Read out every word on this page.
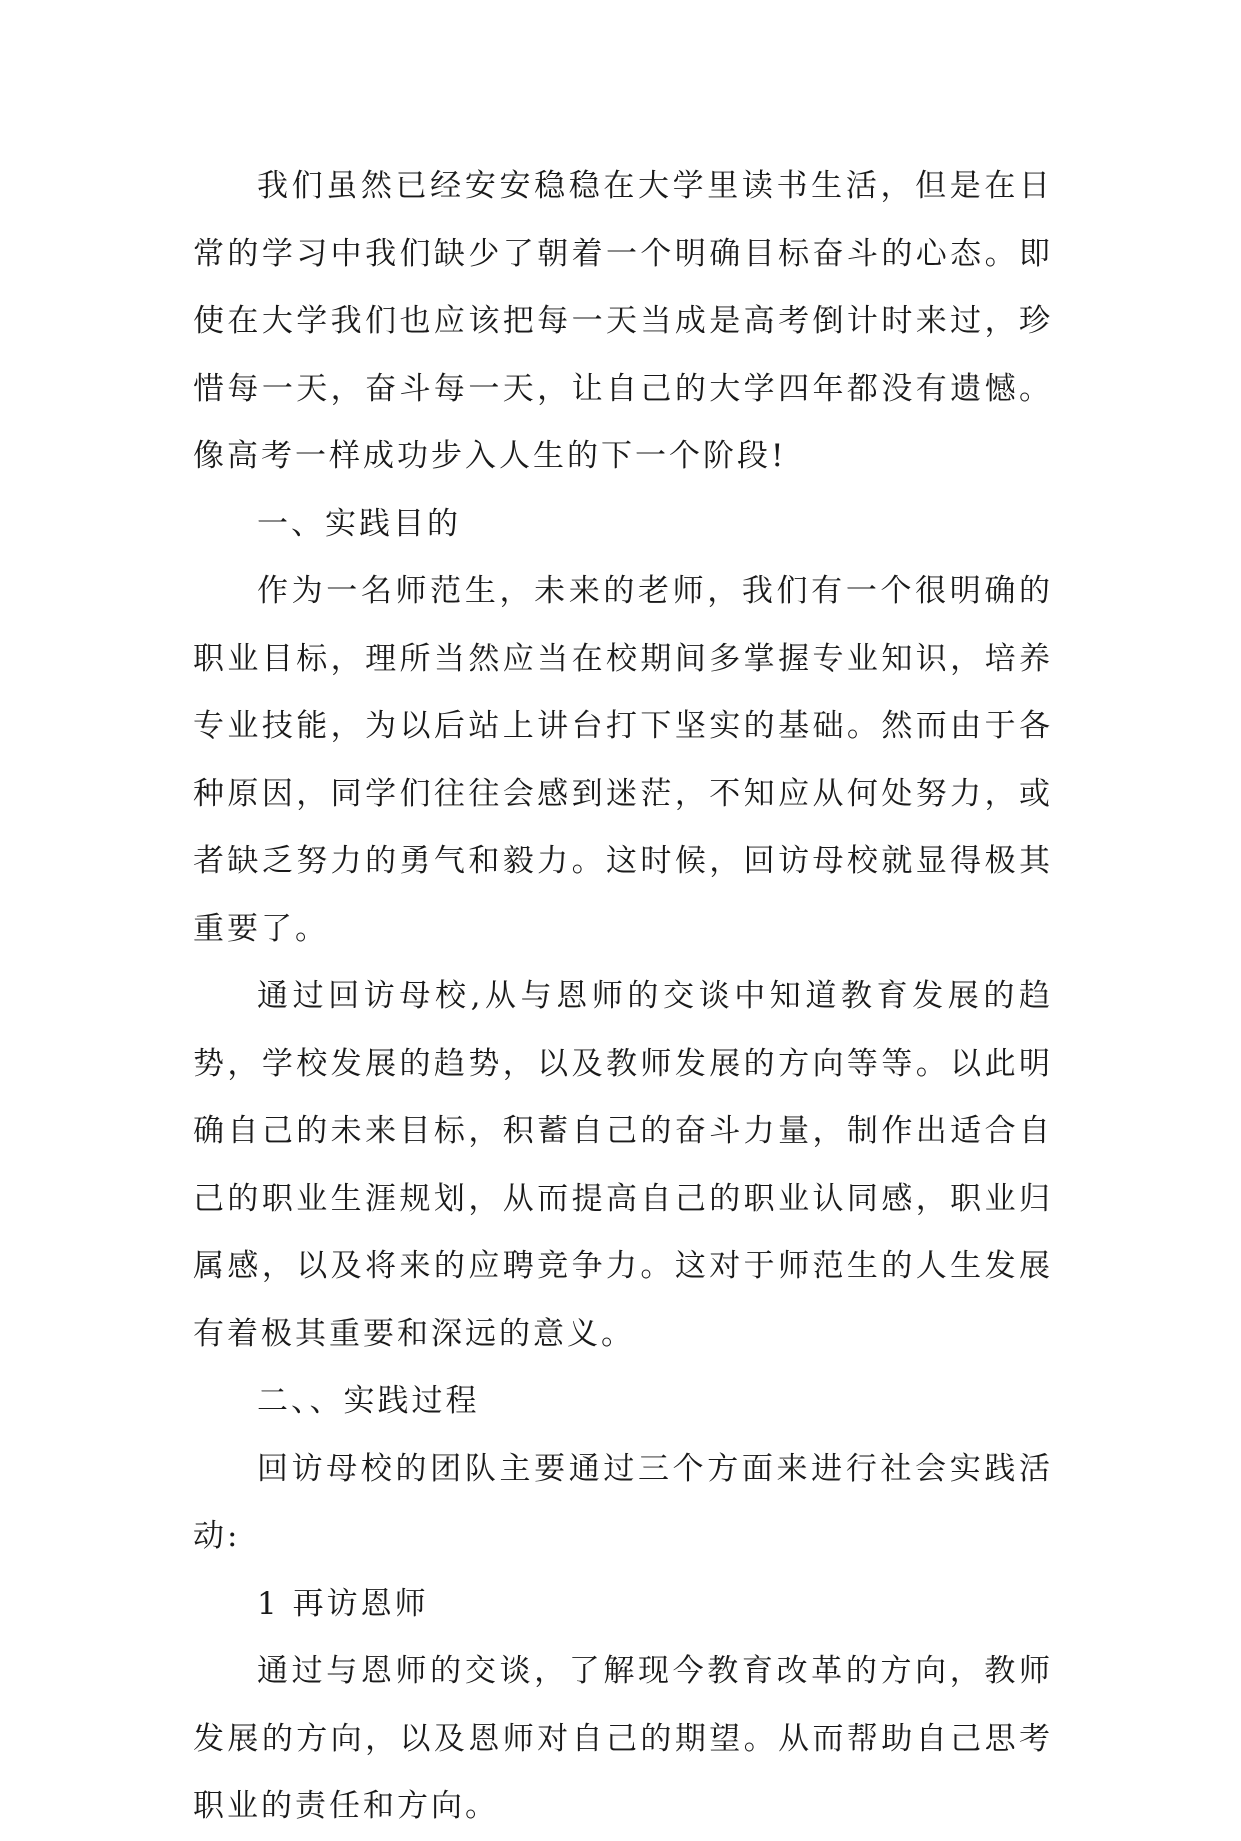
我们虽然已经安安稳稳在大学里读书生活，但是在日常的学习中我们缺少了朝着一个明确目标奋斗的心态。即使在大学我们也应该把每一天当成是高考倒计时来过，珍惜每一天，奋斗每一天，让自己的大学四年都没有遗憾。像高考一样成功步入人生的下一个阶段!

一、实践目的

作为一名师范生，未来的老师，我们有一个很明确的职业目标，理所当然应当在校期间多掌握专业知识，培养专业技能，为以后站上讲台打下坚实的基础。然而由于各种原因，同学们往往会感到迷茫，不知应从何处努力，或者缺乏努力的勇气和毅力。这时候，回访母校就显得极其重要了。

通过回访母校,从与恩师的交谈中知道教育发展的趋势，学校发展的趋势，以及教师发展的方向等等。以此明确自己的未来目标，积蓄自己的奋斗力量，制作出适合自己的职业生涯规划，从而提高自己的职业认同感，职业归属感，以及将来的应聘竞争力。这对于师范生的人生发展有着极其重要和深远的意义。

二、、实践过程

回访母校的团队主要通过三个方面来进行社会实践活动:

1 再访恩师

通过与恩师的交谈，了解现今教育改革的方向，教师发展的方向，以及恩师对自己的期望。从而帮助自己思考职业的责任和方向。
